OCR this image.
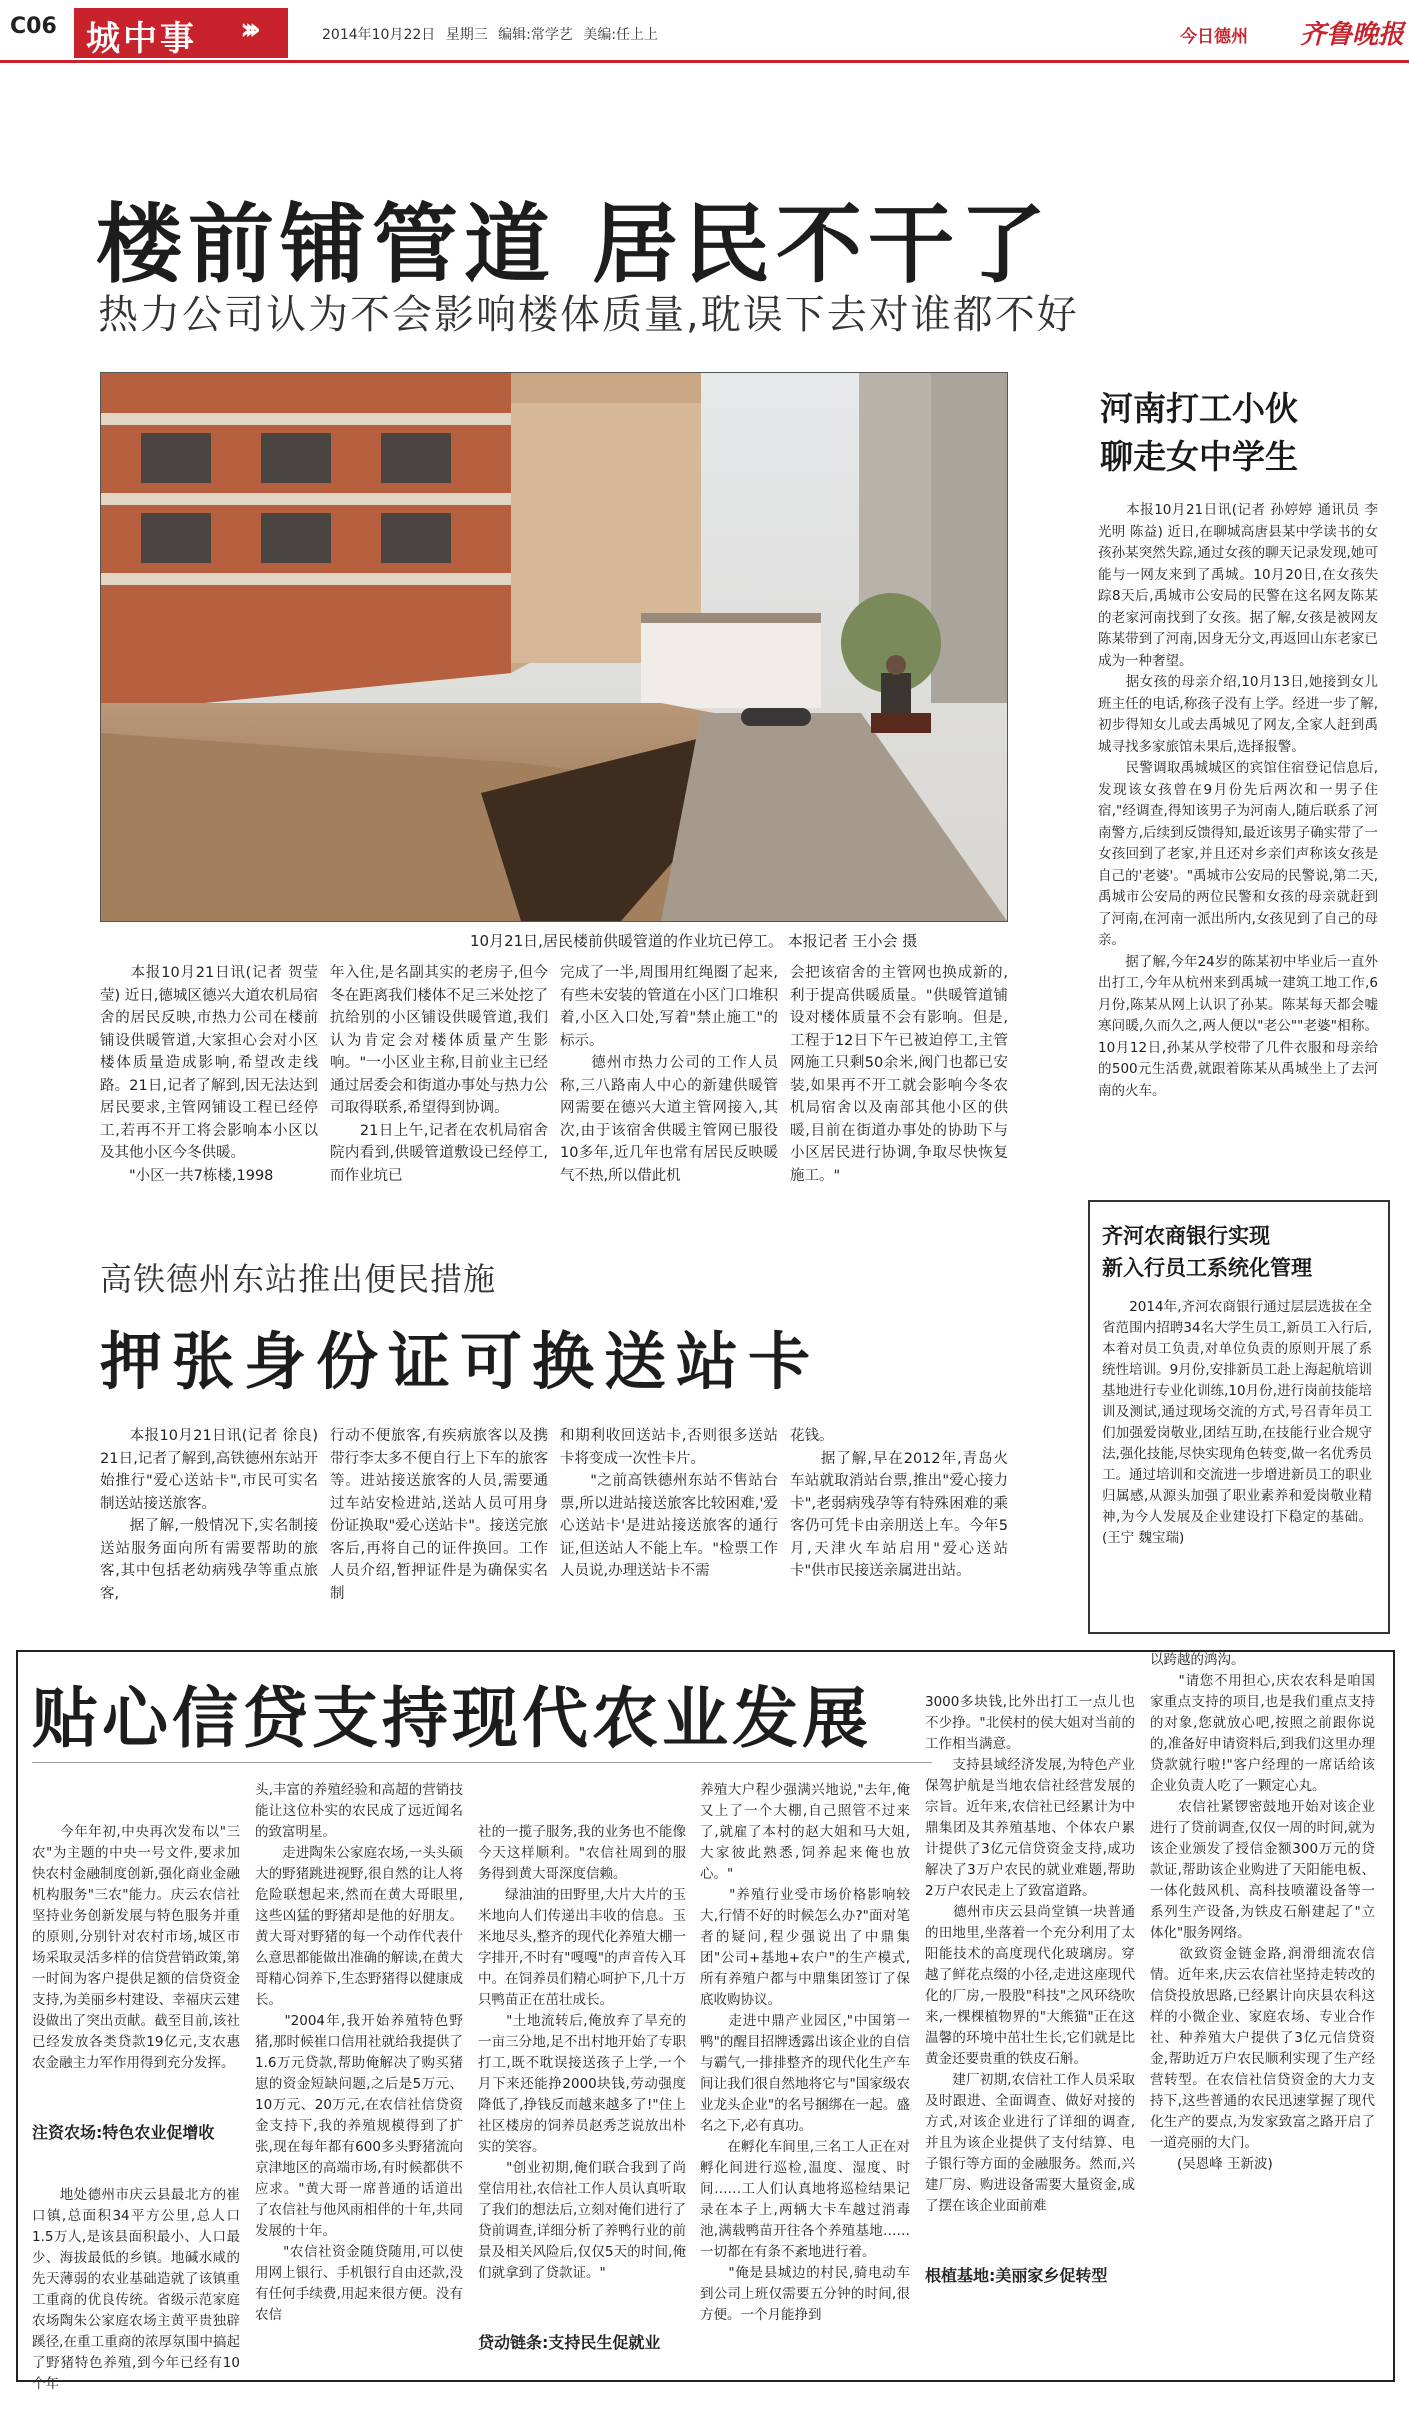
C06 城中事 ›››	2014年10月22日 星期三 编辑:常学艺 美编:任上上	今日德州 齐鲁晚报
楼前铺管道 居民不干了
热力公司认为不会影响楼体质量,耽误下去对谁都不好
10月21日,居民楼前供暖管道的作业坑已停工。 本报记者 王小会 摄
　　本报10月21日讯(记者 贺莹莹) 近日,德城区德兴大道农机局宿舍的居民反映,市热力公司在楼前铺设供暖管道,大家担心会对小区楼体质量造成影响,希望改走线路。21日,记者了解到,因无法达到居民要求,主管网铺设工程已经停工,若再不开工将会影响本小区以及其他小区今冬供暖。
　　"小区一共7栋楼,1998
年入住,是名副其实的老房子,但今冬在距离我们楼体不足三米处挖了抗给别的小区铺设供暖管道,我们认为肯定会对楼体质量产生影响。"一小区业主称,目前业主已经通过居委会和街道办事处与热力公司取得联系,希望得到协调。
　　21日上午,记者在农机局宿舍院内看到,供暖管道敷设已经停工,而作业坑已
完成了一半,周围用红绳圈了起来,有些未安装的管道在小区门口堆积着,小区入口处,写着"禁止施工"的标示。
　　德州市热力公司的工作人员称,三八路南人中心的新建供暖管网需要在德兴大道主管网接入,其次,由于该宿舍供暖主管网已服役10多年,近几年也常有居民反映暖气不热,所以借此机
会把该宿舍的主管网也换成新的,利于提高供暖质量。"供暖管道铺设对楼体质量不会有影响。但是,工程于12日下午已被迫停工,主管网施工只剩50余米,阀门也都已安装,如果再不开工就会影响今冬农机局宿舍以及南部其他小区的供暖,目前在街道办事处的协助下与小区居民进行协调,争取尽快恢复施工。"
河南打工小伙
聊走女中学生
　　本报10月21日讯(记者 孙婷婷 通讯员 李光明 陈益) 近日,在聊城高唐县某中学读书的女孩孙某突然失踪,通过女孩的聊天记录发现,她可能与一网友来到了禹城。10月20日,在女孩失踪8天后,禹城市公安局的民警在这名网友陈某的老家河南找到了女孩。据了解,女孩是被网友陈某带到了河南,因身无分文,再返回山东老家已成为一种奢望。
　　据女孩的母亲介绍,10月13日,她接到女儿班主任的电话,称孩子没有上学。经进一步了解,初步得知女儿或去禹城见了网友,全家人赶到禹城寻找多家旅馆未果后,选择报警。
　　民警调取禹城城区的宾馆住宿登记信息后,发现该女孩曾在9月份先后两次和一男子住宿,"经调查,得知该男子为河南人,随后联系了河南警方,后续到反馈得知,最近该男子确实带了一女孩回到了老家,并且还对乡亲们声称该女孩是自己的'老婆'。"禹城市公安局的民警说,第二天,禹城市公安局的两位民警和女孩的母亲就赶到了河南,在河南一派出所内,女孩见到了自己的母亲。
　　据了解,今年24岁的陈某初中毕业后一直外出打工,今年从杭州来到禹城一建筑工地工作,6月份,陈某从网上认识了孙某。陈某每天都会嘘寒问暖,久而久之,两人便以"老公""老婆"相称。10月12日,孙某从学校带了几件衣服和母亲给的500元生活费,就跟着陈某从禹城坐上了去河南的火车。
齐河农商银行实现
新入行员工系统化管理
　　2014年,齐河农商银行通过层层选拔在全省范围内招聘34名大学生员工,新员工入行后,本着对员工负责,对单位负责的原则开展了系统性培训。9月份,安排新员工赴上海起航培训基地进行专业化训练,10月份,进行岗前技能培训及测试,通过现场交流的方式,号召青年员工们加强爱岗敬业,团结互助,在技能行业合规守法,强化技能,尽快实现角色转变,做一名优秀员工。通过培训和交流进一步增进新员工的职业归属感,从源头加强了职业素养和爱岗敬业精神,为今人发展及企业建设打下稳定的基础。 (王宁 魏宝瑞)
高铁德州东站推出便民措施
押张身份证可换送站卡
　　本报10月21日讯(记者 徐良) 21日,记者了解到,高铁德州东站开始推行"爱心送站卡",市民可实名制送站接送旅客。
　　据了解,一般情况下,实名制接送站服务面向所有需要帮助的旅客,其中包括老幼病残孕等重点旅客,
行动不便旅客,有疾病旅客以及携带行李太多不便自行上下车的旅客等。进站接送旅客的人员,需要通过车站安检进站,送站人员可用身份证换取"爱心送站卡"。接送完旅客后,再将自己的证件换回。工作人员介绍,暂押证件是为确保实名制
和期利收回送站卡,否则很多送站卡将变成一次性卡片。
　　"之前高铁德州东站不售站台票,所以进站接送旅客比较困难,'爱心送站卡'是进站接送旅客的通行证,但送站人不能上车。"检票工作人员说,办理送站卡不需
花钱。
　　据了解,早在2012年,青岛火车站就取消站台票,推出"爱心接力卡",老弱病残孕等有特殊困难的乘客仍可凭卡由亲朋送上车。今年5月,天津火车站启用"爱心送站卡"供市民接送亲属进出站。
贴心信贷支持现代农业发展

　　今年年初,中央再次发布以"三农"为主题的中央一号文件,要求加快农村金融制度创新,强化商业金融机构服务"三农"能力。庆云农信社坚持业务创新发展与特色服务并重的原则,分别针对农村市场,城区市场采取灵活多样的信贷营销政策,第一时间为客户提供足额的信贷资金支持,为美丽乡村建设、幸福庆云建设做出了突出贡献。截至目前,该社已经发放各类贷款19亿元,支农惠农金融主力军作用得到充分发挥。

注资农场:特色农业促增收

　　地处德州市庆云县最北方的崔口镇,总面积34平方公里,总人口1.5万人,是该县面积最小、人口最少、海拔最低的乡镇。地碱水咸的先天薄弱的农业基础造就了该镇重工重商的优良传统。省级示范家庭农场陶朱公家庭农场主黄平贵独辟蹊径,在重工重商的浓厚氛围中搞起了野猪特色养殖,到今年已经有10个年

头,丰富的养殖经验和高超的营销技能让这位朴实的农民成了远近闻名的致富明星。
　　走进陶朱公家庭农场,一头头硕大的野猪跳进视野,很自然的让人将危险联想起来,然而在黄大哥眼里,这些凶猛的野猪却是他的好朋友。黄大哥对野猪的每一个动作代表什么意思都能做出准确的解读,在黄大哥精心饲养下,生态野猪得以健康成长。
　　"2004年,我开始养殖特色野猪,那时候崔口信用社就给我提供了1.6万元贷款,帮助俺解决了购买猪崽的资金短缺问题,之后是5万元、10万元、20万元,在农信社信贷资金支持下,我的养殖规模得到了扩张,现在每年都有600多头野猪流向京津地区的高端市场,有时候都供不应求。"黄大哥一席普通的话道出了农信社与他风雨相伴的十年,共同发展的十年。
　　"农信社资金随贷随用,可以使用网上银行、手机银行自由还款,没有任何手续费,用起来很方便。没有农信

社的一揽子服务,我的业务也不能像今天这样顺利。"农信社周到的服务得到黄大哥深度信赖。
　　绿油油的田野里,大片大片的玉米地向人们传递出丰收的信息。玉米地尽头,整齐的现代化养殖大棚一字排开,不时有"嘎嘎"的声音传入耳中。在饲养员们精心呵护下,几十万只鸭苗正在茁壮成长。
　　"土地流转后,俺放弃了旱充的一亩三分地,足不出村地开始了专职打工,既不耽误接送孩子上学,一个月下来还能挣2000块钱,劳动强度降低了,挣钱反而越来越多了!"住上社区楼房的饲养员赵秀芝说放出朴实的笑容。
　　"创业初期,俺们联合我到了尚堂信用社,农信社工作人员认真听取了我们的想法后,立刻对俺们进行了贷前调查,详细分析了养鸭行业的前景及相关风险后,仅仅5天的时间,俺们就拿到了贷款证。"

贷动链条:支持民生促就业

养殖大户程少强满兴地说,"去年,俺又上了一个大棚,自己照管不过来了,就雇了本村的赵大姐和马大姐,大家彼此熟悉,饲养起来俺也放心。"
　　"养殖行业受市场价格影响较大,行情不好的时候怎么办?"面对笔者的疑问,程少强说出了中鼎集团"公司+基地+农户"的生产模式,所有养殖户都与中鼎集团签订了保底收购协议。
　　走进中鼎产业园区,"中国第一鸭"的醒目招牌透露出该企业的自信与霸气,一排排整齐的现代化生产车间让我们很自然地将它与"国家级农业龙头企业"的名号捆绑在一起。盛名之下,必有真功。
　　在孵化车间里,三名工人正在对孵化间进行巡检,温度、湿度、时间……工人们认真地将巡检结果记录在本子上,两辆大卡车越过消毒池,满载鸭苗开往各个养殖基地……一切都在有条不紊地进行着。
　　"俺是县城边的村民,骑电动车到公司上班仅需要五分钟的时间,很方便。一个月能挣到

3000多块钱,比外出打工一点儿也不少挣。"北侯村的侯大姐对当前的工作相当满意。
　　支持县域经济发展,为特色产业保驾护航是当地农信社经营发展的宗旨。近年来,农信社已经累计为中鼎集团及其养殖基地、个体农户累计提供了3亿元信贷资金支持,成功解决了3万户农民的就业难题,帮助2万户农民走上了致富道路。
　　德州市庆云县尚堂镇一块普通的田地里,坐落着一个充分利用了太阳能技术的高度现代化玻璃房。穿越了鲜花点缀的小径,走进这座现代化的厂房,一股股"科技"之风环绕吹来,一棵棵植物界的"大熊猫"正在这温馨的环境中茁壮生长,它们就是比黄金还要贵重的铁皮石斛。
　　建厂初期,农信社工作人员采取及时跟进、全面调查、做好对接的方式,对该企业进行了详细的调查,并且为该企业提供了支付结算、电子银行等方面的金融服务。然而,兴建厂房、购进设备需要大量资金,成了摆在该企业面前难

根植基地:美丽家乡促转型

以跨越的鸿沟。
　　"请您不用担心,庆农农科是咱国家重点支持的项目,也是我们重点支持的对象,您就放心吧,按照之前跟你说的,准备好申请资料后,到我们这里办理贷款就行啦!"客户经理的一席话给该企业负责人吃了一颗定心丸。
　　农信社紧锣密鼓地开始对该企业进行了贷前调查,仅仅一周的时间,就为该企业颁发了授信金额300万元的贷款证,帮助该企业购进了天阳能电板、一体化鼓风机、高科技喷灌设备等一系列生产设备,为铁皮石斛建起了"立体化"服务网络。
　　欲致资金链金路,润滑细流农信情。近年来,庆云农信社坚持走转改的信贷投放思路,已经累计向庆县农科这样的小微企业、家庭农场、专业合作社、种养殖大户提供了3亿元信贷资金,帮助近万户农民顺利实现了生产经营转型。在农信社信贷资金的大力支持下,这些普通的农民迅速掌握了现代化生产的要点,为发家致富之路开启了一道亮丽的大门。
　　(吴恩峰 王新波)
